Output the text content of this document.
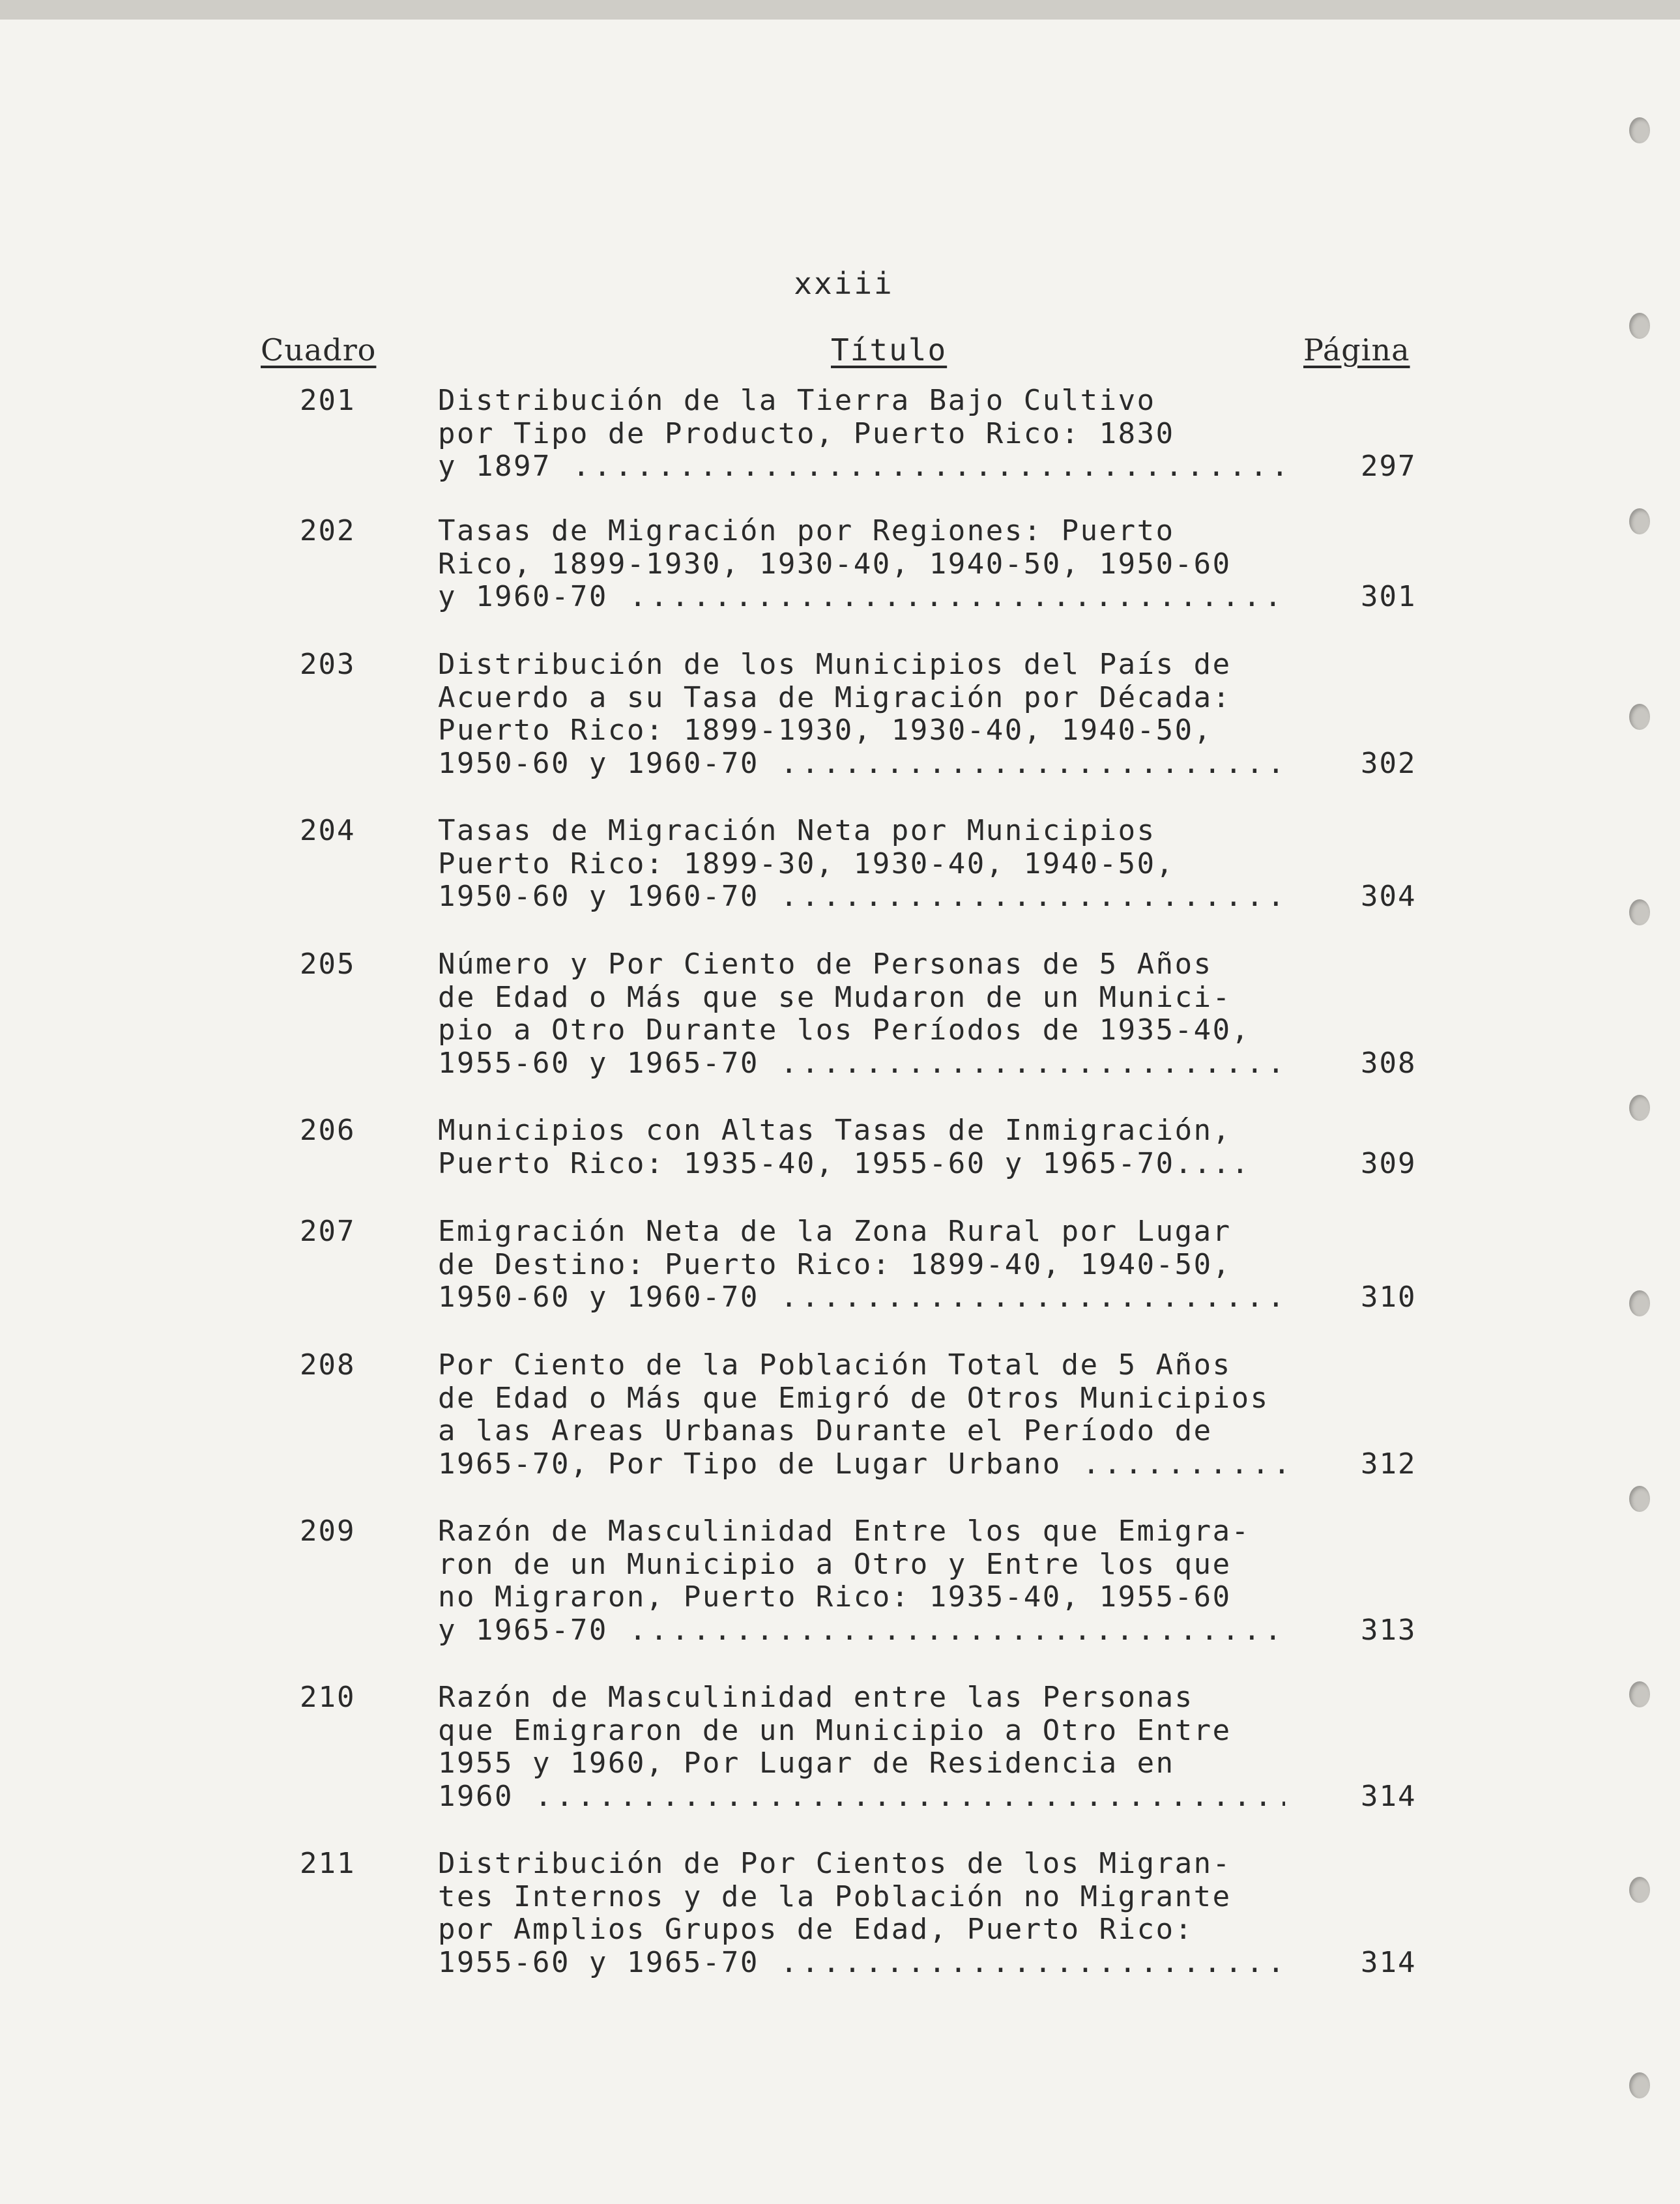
xxiii
Cuadro	Título	Página
201	Distribución de la Tierra Bajo Cultivo
por Tipo de Producto, Puerto Rico: 1830
y 1897 .....	297
202	Tasas de Migración por Regiones: Puerto
Rico, 1899-1930, 1930-40, 1940-50, 1950-60
y 1960-70 .....	301
203	Distribución de los Municipios del País de
Acuerdo a su Tasa de Migración por Década:
Puerto Rico: 1899-1930, 1930-40, 1940-50,
1950-60 y 1960-70 .....	302
204	Tasas de Migración Neta por Municipios
Puerto Rico: 1899-30, 1930-40, 1940-50,
1950-60 y 1960-70 .....	304
205	Número y Por Ciento de Personas de 5 Años
de Edad o Más que se Mudaron de un Munici-
pio a Otro Durante los Períodos de 1935-40,
1955-60 y 1965-70 .....	308
206	Municipios con Altas Tasas de Inmigración,
Puerto Rico: 1935-40, 1955-60 y 1965-70....	309
207	Emigración Neta de la Zona Rural por Lugar
de Destino: Puerto Rico: 1899-40, 1940-50,
1950-60 y 1960-70 .....	310
208	Por Ciento de la Población Total de 5 Años
de Edad o Más que Emigró de Otros Municipios
a las Areas Urbanas Durante el Período de
1965-70, Por Tipo de Lugar Urbano .....	312
209	Razón de Masculinidad Entre los que Emigra-
ron de un Municipio a Otro y Entre los que
no Migraron, Puerto Rico: 1935-40, 1955-60
y 1965-70 .....	313
210	Razón de Masculinidad entre las Personas
que Emigraron de un Municipio a Otro Entre
1955 y 1960, Por Lugar de Residencia en
1960 .....	314
211	Distribución de Por Cientos de los Migran-
tes Internos y de la Población no Migrante
por Amplios Grupos de Edad, Puerto Rico:
1955-60 y 1965-70 .....	314
